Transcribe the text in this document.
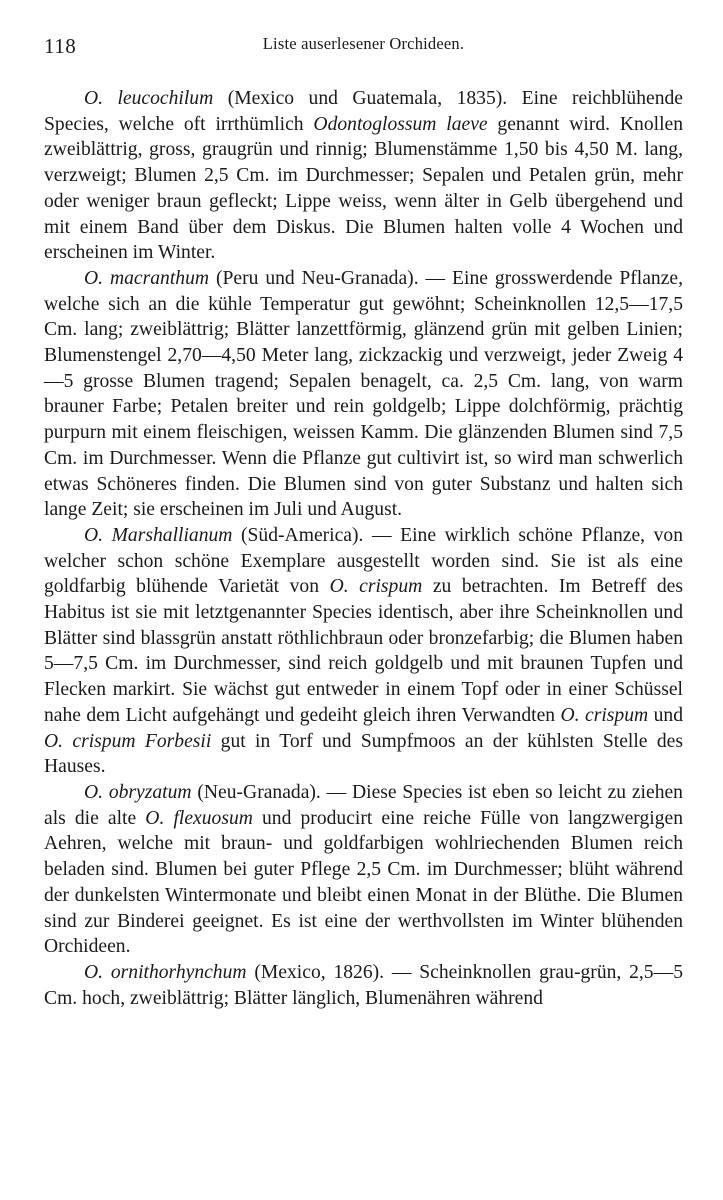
118	Liste auserlesener Orchideen.

O. leucochilum (Mexico und Guatemala, 1835). Eine reichblühende Species, welche oft irrthümlich Odontoglossum laeve genannt wird. Knollen zweiblättrig, gross, graugrün und rinnig; Blumenstämme 1,50 bis 4,50 M. lang, verzweigt; Blumen 2,5 Cm. im Durchmesser; Sepalen und Petalen grün, mehr oder weniger braun gefleckt; Lippe weiss, wenn älter in Gelb übergehend und mit einem Band über dem Diskus. Die Blumen halten volle 4 Wochen und erscheinen im Winter.

O. macranthum (Peru und Neu-Granada). — Eine grosswerdende Pflanze, welche sich an die kühle Temperatur gut gewöhnt; Scheinknollen 12,5—17,5 Cm. lang; zweiblättrig; Blätter lanzettförmig, glänzend grün mit gelben Linien; Blumenstengel 2,70—4,50 Meter lang, zickzackig und verzweigt, jeder Zweig 4—5 grosse Blumen tragend; Sepalen benagelt, ca. 2,5 Cm. lang, von warm brauner Farbe; Petalen breiter und rein goldgelb; Lippe dolchförmig, prächtig purpurn mit einem fleischigen, weissen Kamm. Die glänzenden Blumen sind 7,5 Cm. im Durchmesser. Wenn die Pflanze gut cultivirt ist, so wird man schwerlich etwas Schöneres finden. Die Blumen sind von guter Substanz und halten sich lange Zeit; sie erscheinen im Juli und August.

O. Marshallianum (Süd-America). — Eine wirklich schöne Pflanze, von welcher schon schöne Exemplare ausgestellt worden sind. Sie ist als eine goldfarbig blühende Varietät von O. crispum zu betrachten. Im Betreff des Habitus ist sie mit letztgenannter Species identisch, aber ihre Scheinknollen und Blätter sind blassgrün anstatt röthlichbraun oder bronzefarbig; die Blumen haben 5—7,5 Cm. im Durchmesser, sind reich goldgelb und mit braunen Tupfen und Flecken markirt. Sie wächst gut entweder in einem Topf oder in einer Schüssel nahe dem Licht aufgehängt und gedeiht gleich ihren Verwandten O. crispum und O. crispum Forbesii gut in Torf und Sumpfmoos an der kühlsten Stelle des Hauses.

O. obryzatum (Neu-Granada). — Diese Species ist eben so leicht zu ziehen als die alte O. flexuosum und producirt eine reiche Fülle von langzwergigen Aehren, welche mit braun- und goldfarbigen wohlriechenden Blumen reich beladen sind. Blumen bei guter Pflege 2,5 Cm. im Durchmesser; blüht während der dunkelsten Wintermonate und bleibt einen Monat in der Blüthe. Die Blumen sind zur Binderei geeignet. Es ist eine der werthvollsten im Winter blühenden Orchideen.

O. ornithorhynchum (Mexico, 1826). — Scheinknollen grau-grün, 2,5—5 Cm. hoch, zweiblättrig; Blätter länglich, Blumenähren während
